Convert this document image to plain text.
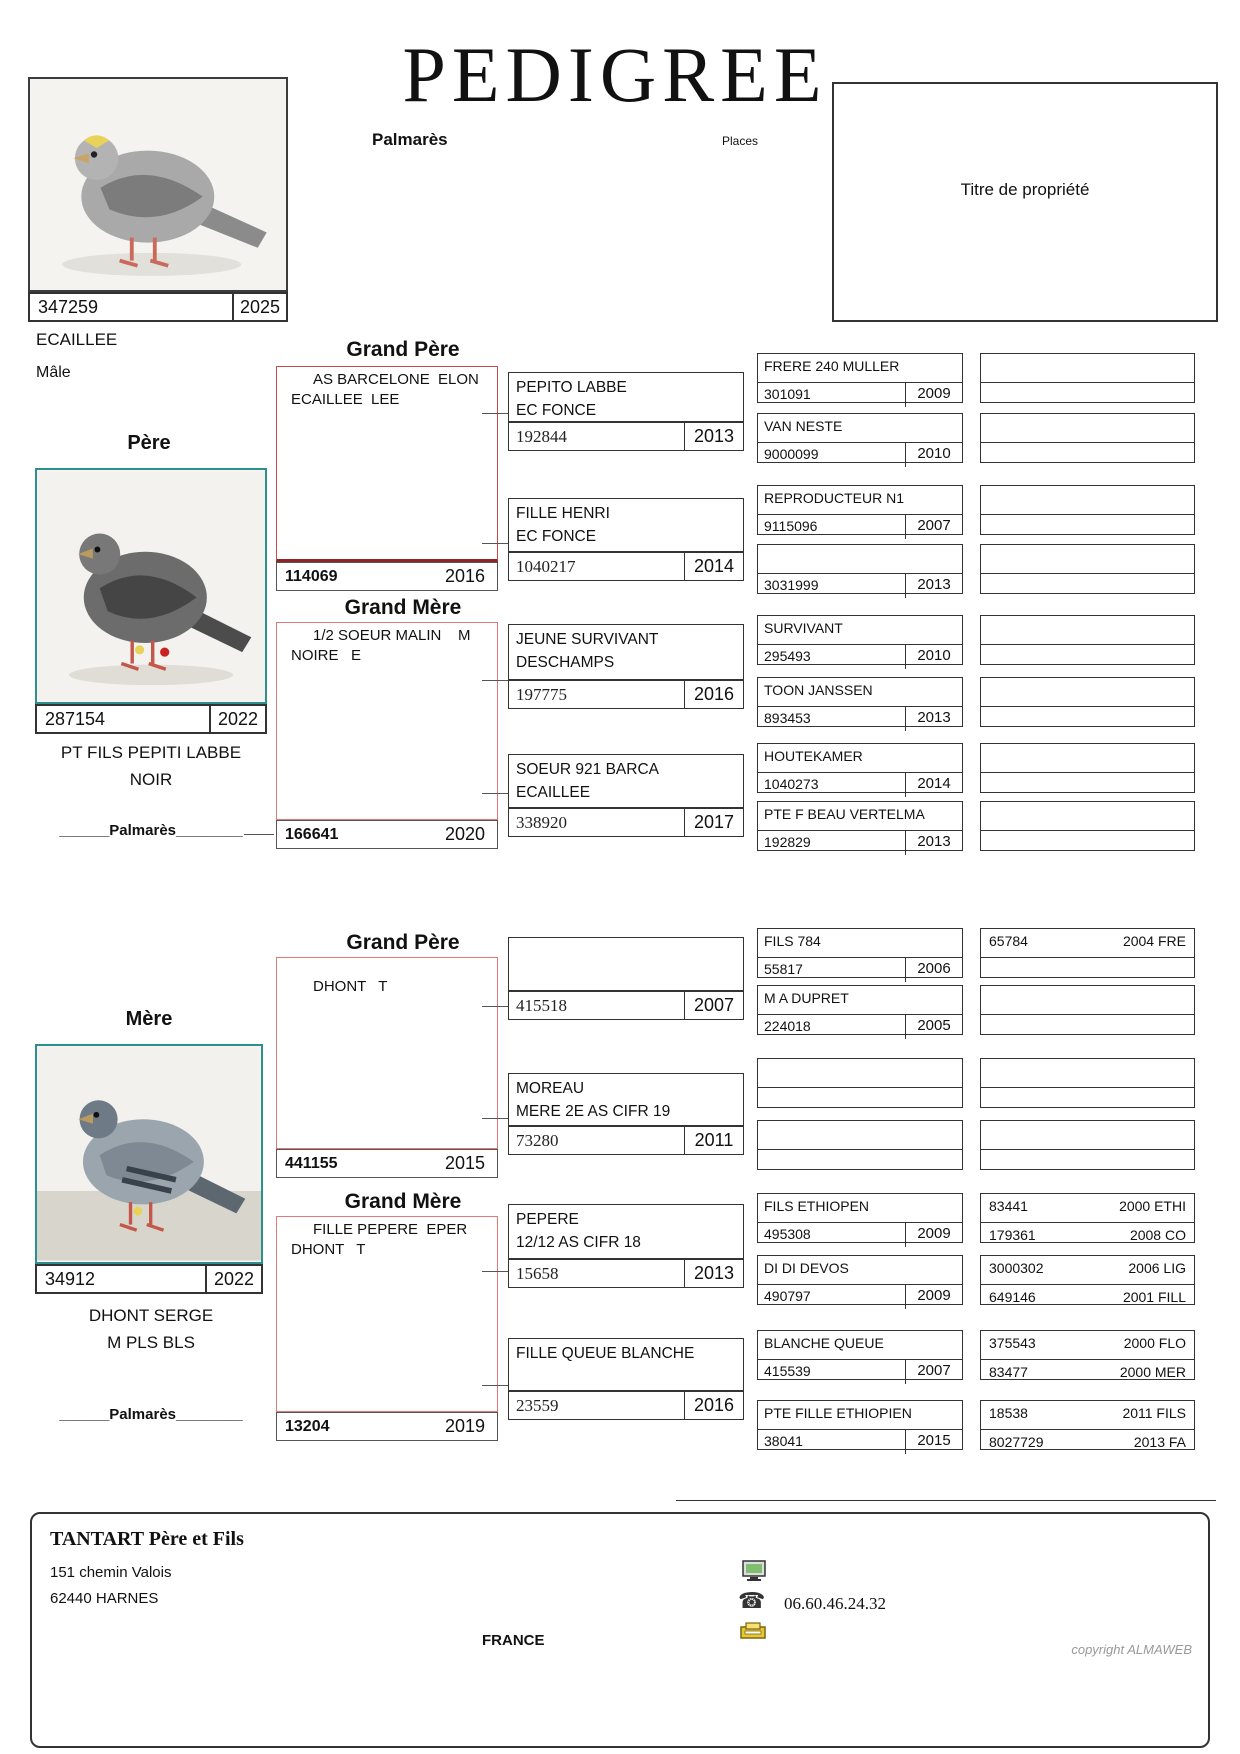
PEDIGREE
Palmarès	Places
Titre de propriété
347259	2025
ECAILLEE
Mâle
Père
287154	2022
PT FILS PEPITI LABBE
NOIR
______Palmarès________
Mère
34912	2022
DHONT SERGE
M PLS BLS
______Palmarès________
Grand Père
AS BARCELONE  ELON
ECAILLEE  LEE
114069	2016
Grand Mère
1/2 SOEUR MALIN    M
NOIRE   E
166641	2020
PEPITO LABBE
EC FONCE
192844	2013
FILLE HENRI
EC FONCE
1040217	2014
JEUNE SURVIVANT
DESCHAMPS
197775	2016
SOEUR 921 BARCA
ECAILLEE
338920	2017
FRERE 240 MULLER
301091	2009
VAN NESTE
9000099	2010
REPRODUCTEUR N1
9115096	2007
3031999	2013
SURVIVANT
295493	2010
TOON JANSSEN
893453	2013
HOUTEKAMER
1040273	2014
PTE F BEAU VERTELMA
192829	2013
Grand Père
DHONT   T
441155	2015
Grand Mère
FILLE PEPERE  EPER
DHONT   T
13204	2019
415518	2007
MOREAU
MERE 2E AS CIFR 19
73280	2011
PEPERE
12/12 AS CIFR 18
15658	2013
FILLE QUEUE BLANCHE
23559	2016
FILS 784
55817	2006
M A DUPRET
224018	2005
FILS ETHIOPEN
495308	2009
DI DI DEVOS
490797	2009
BLANCHE QUEUE
415539	2007
PTE FILLE ETHIOPIEN
38041	2015
65784	2004 FRE
83441	2000 ETHI
179361	2008 CO
3000302	2006 LIG
649146	2001 FILL
375543	2000 FLO
83477	2000 MER
18538	2011 FILS
8027729	2013 FA
TANTART Père et Fils
151 chemin Valois
62440 HARNES
FRANCE
☎ 06.60.46.24.32
copyright ALMAWEB
